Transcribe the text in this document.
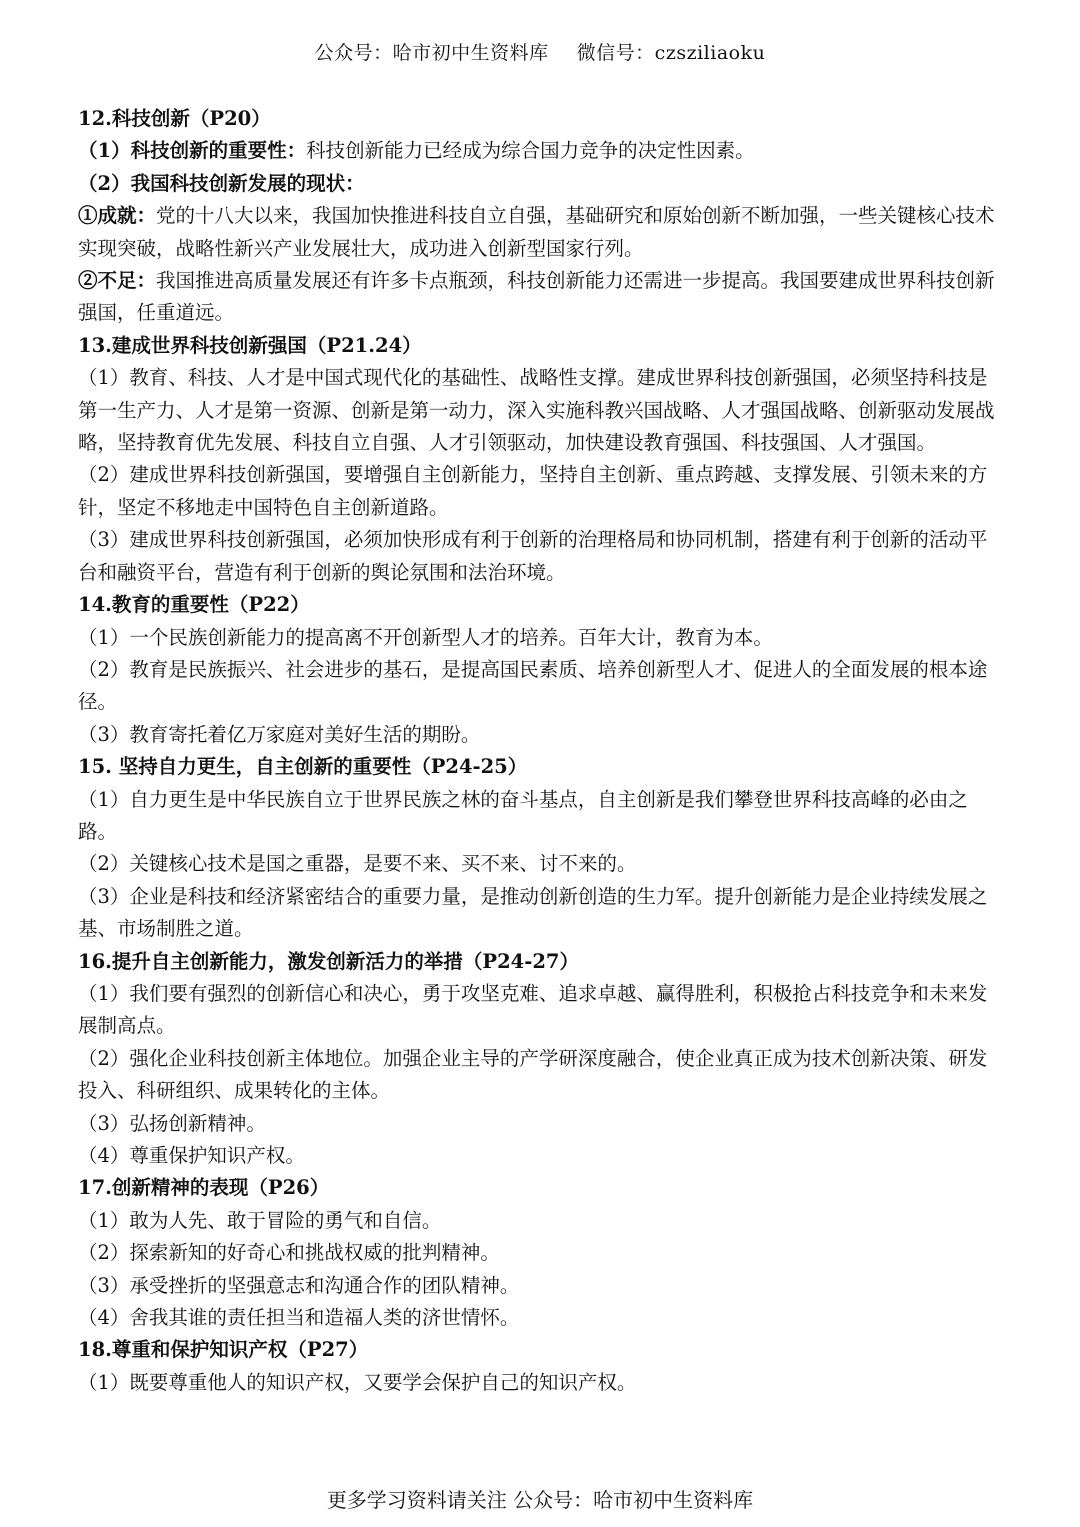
公众号：哈市初中生资料库 微信号：czsziliaoku

12.科技创新（P20）

（1）科技创新的重要性：科技创新能力已经成为综合国力竞争的决定性因素。

（2）我国科技创新发展的现状：

①成就：党的十八大以来，我国加快推进科技自立自强，基础研究和原始创新不断加强，一些关键核心技术实现突破，战略性新兴产业发展壮大，成功进入创新型国家行列。

②不足：我国推进高质量发展还有许多卡点瓶颈，科技创新能力还需进一步提高。我国要建成世界科技创新强国，任重道远。

13.建成世界科技创新强国（P21.24）

（1）教育、科技、人才是中国式现代化的基础性、战略性支撑。建成世界科技创新强国，必须坚持科技是第一生产力、人才是第一资源、创新是第一动力，深入实施科教兴国战略、人才强国战略、创新驱动发展战略，坚持教育优先发展、科技自立自强、人才引领驱动，加快建设教育强国、科技强国、人才强国。

（2）建成世界科技创新强国，要增强自主创新能力，坚持自主创新、重点跨越、支撑发展、引领未来的方针，坚定不移地走中国特色自主创新道路。

（3）建成世界科技创新强国，必须加快形成有利于创新的治理格局和协同机制，搭建有利于创新的活动平台和融资平台，营造有利于创新的舆论氛围和法治环境。

14.教育的重要性（P22）

（1）一个民族创新能力的提高离不开创新型人才的培养。百年大计，教育为本。

（2）教育是民族振兴、社会进步的基石，是提高国民素质、培养创新型人才、促进人的全面发展的根本途径。

（3）教育寄托着亿万家庭对美好生活的期盼。

15. 坚持自力更生，自主创新的重要性（P24-25）

（1）自力更生是中华民族自立于世界民族之林的奋斗基点，自主创新是我们攀登世界科技高峰的必由之路。

（2）关键核心技术是国之重器，是要不来、买不来、讨不来的。

（3）企业是科技和经济紧密结合的重要力量，是推动创新创造的生力军。提升创新能力是企业持续发展之基、市场制胜之道。

16.提升自主创新能力，激发创新活力的举措（P24-27）

（1）我们要有强烈的创新信心和决心，勇于攻坚克难、追求卓越、赢得胜利，积极抢占科技竞争和未来发展制高点。

（2）强化企业科技创新主体地位。加强企业主导的产学研深度融合，使企业真正成为技术创新决策、研发投入、科研组织、成果转化的主体。

（3）弘扬创新精神。

（4）尊重保护知识产权。

17.创新精神的表现（P26）

（1）敢为人先、敢于冒险的勇气和自信。

（2）探索新知的好奇心和挑战权威的批判精神。

（3）承受挫折的坚强意志和沟通合作的团队精神。

（4）舍我其谁的责任担当和造福人类的济世情怀。

18.尊重和保护知识产权（P27）

（1）既要尊重他人的知识产权，又要学会保护自己的知识产权。

更多学习资料请关注 公众号：哈市初中生资料库
